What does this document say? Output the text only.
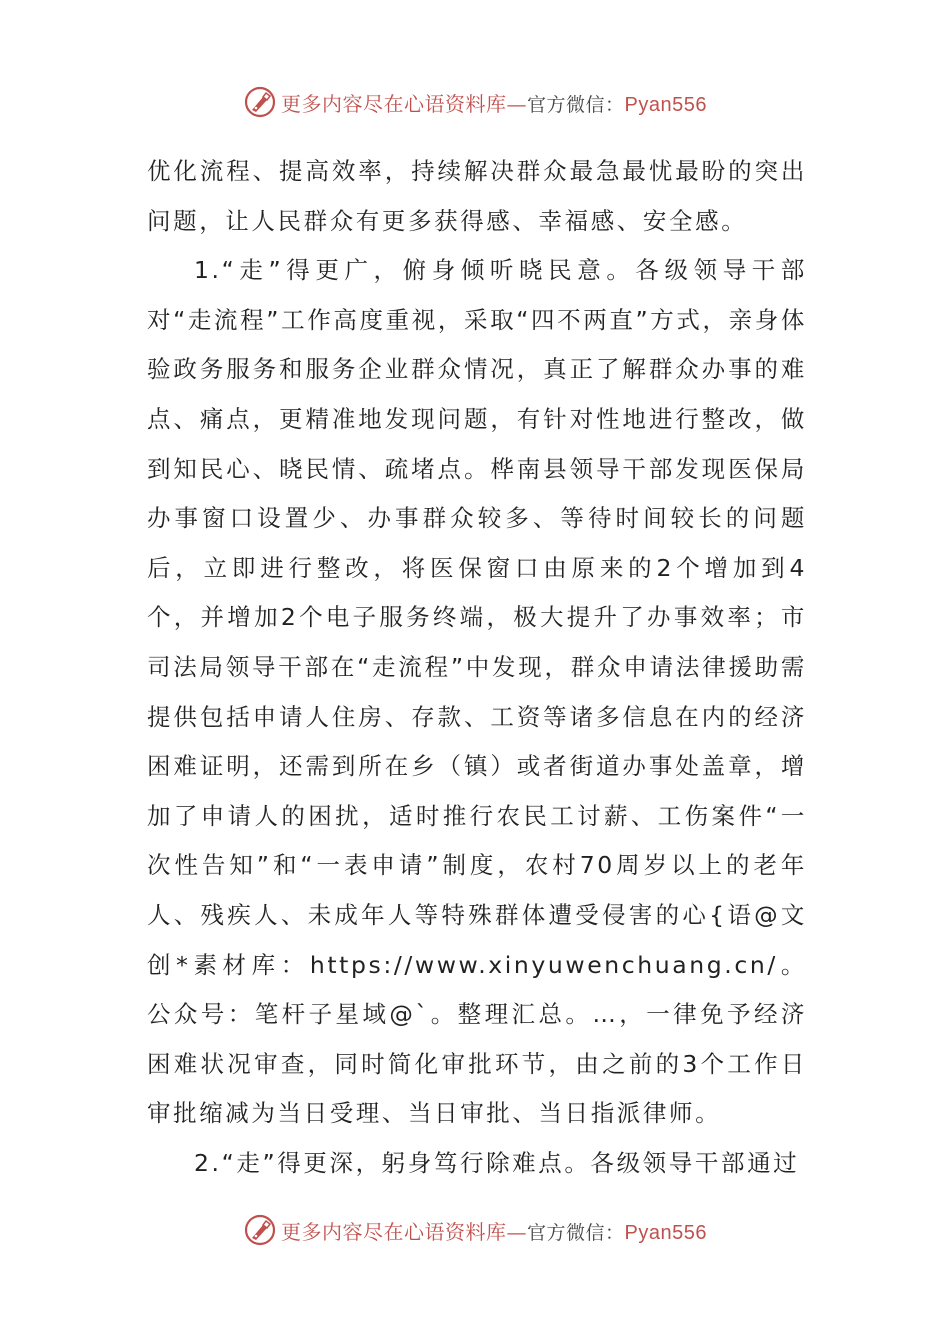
更多内容尽在心语资料库—官方微信：Pyan556

优化流程、提高效率，持续解决群众最急最忧最盼的突出问题，让人民群众有更多获得感、幸福感、安全感。

1.“走”得更广，俯身倾听晓民意。各级领导干部对“走流程”工作高度重视，采取“四不两直”方式，亲身体验政务服务和服务企业群众情况，真正了解群众办事的难点、痛点，更精准地发现问题，有针对性地进行整改，做到知民心、晓民情、疏堵点。桦南县领导干部发现医保局办事窗口设置少、办事群众较多、等待时间较长的问题后，立即进行整改，将医保窗口由原来的2个增加到4个，并增加2个电子服务终端，极大提升了办事效率；市司法局领导干部在“走流程”中发现，群众申请法律援助需提供包括申请人住房、存款、工资等诸多信息在内的经济困难证明，还需到所在乡（镇）或者街道办事处盖章，增加了申请人的困扰，适时推行农民工讨薪、工伤案件“一次性告知”和“一表申请”制度，农村70周岁以上的老年人、残疾人、未成年人等特殊群体遭受侵害的心{语@文创*素材库：https://www.xinyuwenchuang.cn/。公众号：笔杆子星域@`。整理汇总。…，一律免予经济困难状况审查，同时简化审批环节，由之前的3个工作日审批缩减为当日受理、当日审批、当日指派律师。

2.“走”得更深，躬身笃行除难点。各级领导干部通过

更多内容尽在心语资料库—官方微信：Pyan556
